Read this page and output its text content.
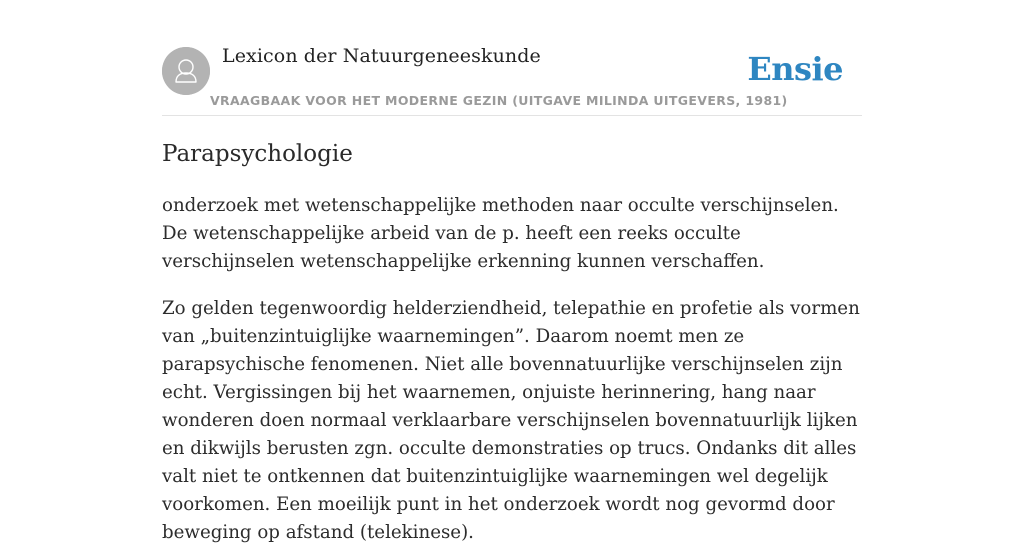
Lexicon der Natuurgeneeskunde
VRAAGBAAK VOOR HET MODERNE GEZIN (UITGAVE MILINDA UITGEVERS, 1981)
Ensie
Parapsychologie

onderzoek met wetenschappelijke methoden naar occulte verschijnselen. De wetenschappelijke arbeid van de p. heeft een reeks occulte verschijnselen wetenschappelijke erkenning kunnen verschaffen.

Zo gelden tegenwoordig helderziendheid, telepathie en profetie als vormen van „buitenzintuiglijke waarnemingen”. Daarom noemt men ze parapsychische fenomenen. Niet alle bovennatuurlijke verschijnselen zijn echt. Vergissingen bij het waarnemen, onjuiste herinnering, hang naar wonderen doen normaal verklaarbare verschijnselen bovennatuurlijk lijken en dikwijls berusten zgn. occulte demonstraties op trucs. Ondanks dit alles valt niet te ontkennen dat buitenzintuiglijke waarnemingen wel degelijk voorkomen. Een moeilijk punt in het onderzoek wordt nog gevormd door beweging op afstand (telekinese).
